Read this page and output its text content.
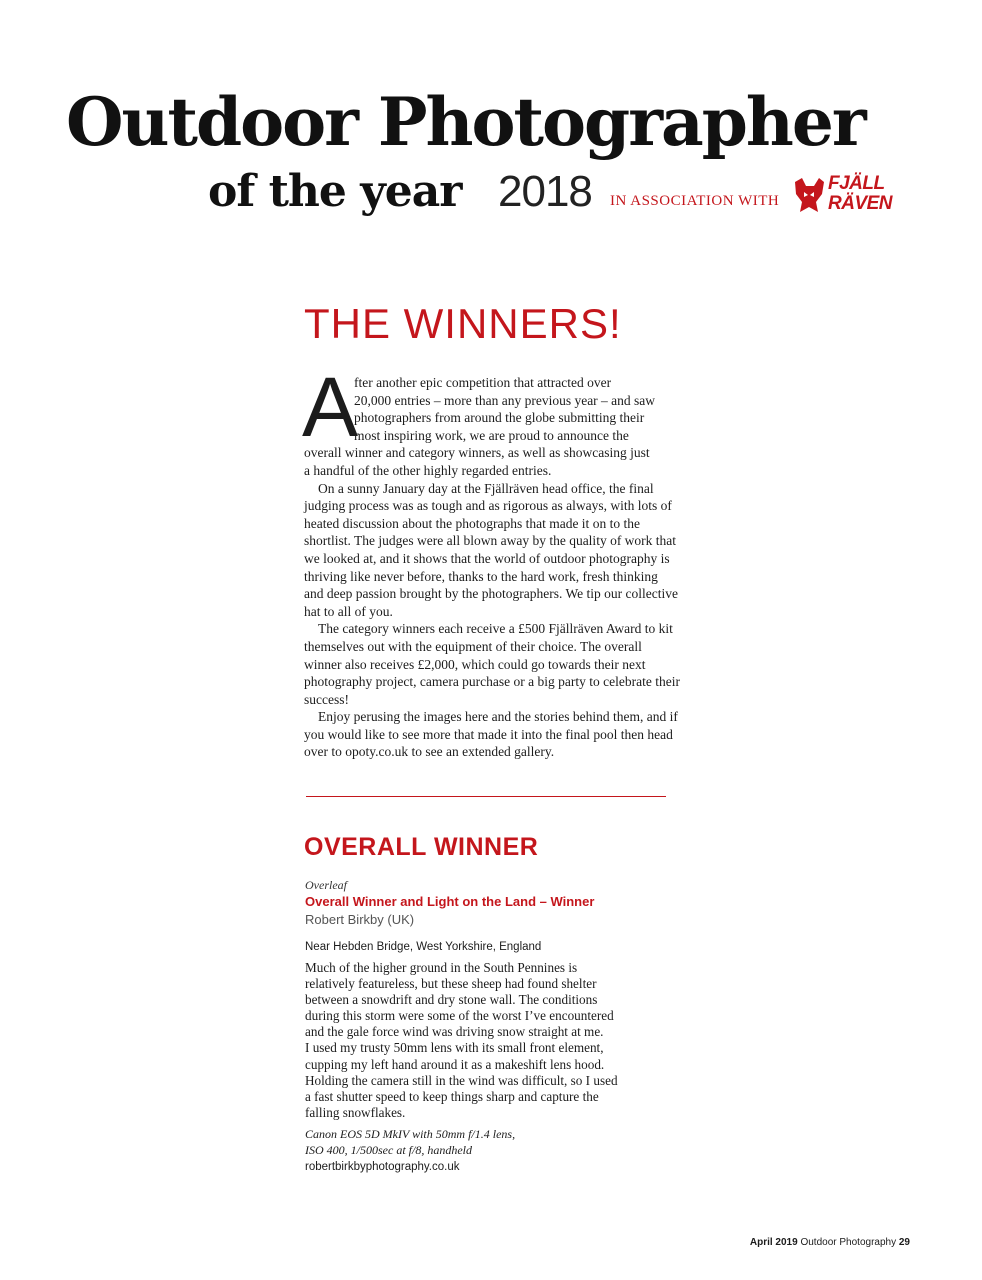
Outdoor Photographer
of the year 2018 IN ASSOCIATION WITH
FJÄLL
RÄVEN
THE WINNERS!
A

fter another epic competition that attracted over
20,000 entries – more than any previous year – and saw
photographers from around the globe submitting their
most inspiring work, we are proud to announce the
overall winner and category winners, as well as showcasing just
a handful of the other highly regarded entries.

On a sunny January day at the Fjällräven head office, the final judging process was as tough and as rigorous as always, with lots of heated discussion about the photographs that made it on to the shortlist. The judges were all blown away by the quality of work that we looked at, and it shows that the world of outdoor photography is thriving like never before, thanks to the hard work, fresh thinking and deep passion brought by the photographers. We tip our collective hat to all of you.

The category winners each receive a £500 Fjällräven Award to kit themselves out with the equipment of their choice. The overall winner also receives £2,000, which could go towards their next photography project, camera purchase or a big party to celebrate their success!

Enjoy perusing the images here and the stories behind them, and if you would like to see more that made it into the final pool then head over to opoty.co.uk to see an extended gallery.

OVERALL WINNER
Overleaf
Overall Winner and Light on the Land – Winner
Robert Birkby (UK)
Near Hebden Bridge, West Yorkshire, England

Much of the higher ground in the South Pennines is
relatively featureless, but these sheep had found shelter
between a snowdrift and dry stone wall. The conditions
during this storm were some of the worst I’ve encountered
and the gale force wind was driving snow straight at me.
I used my trusty 50mm lens with its small front element,
cupping my left hand around it as a makeshift lens hood.
Holding the camera still in the wind was difficult, so I used
a fast shutter speed to keep things sharp and capture the
falling snowflakes.

Canon EOS 5D MkIV with 50mm f/1.4 lens,
ISO 400, 1/500sec at f/8, handheld

robertbirkbyphotography.co.uk
April 2019 Outdoor Photography 29
